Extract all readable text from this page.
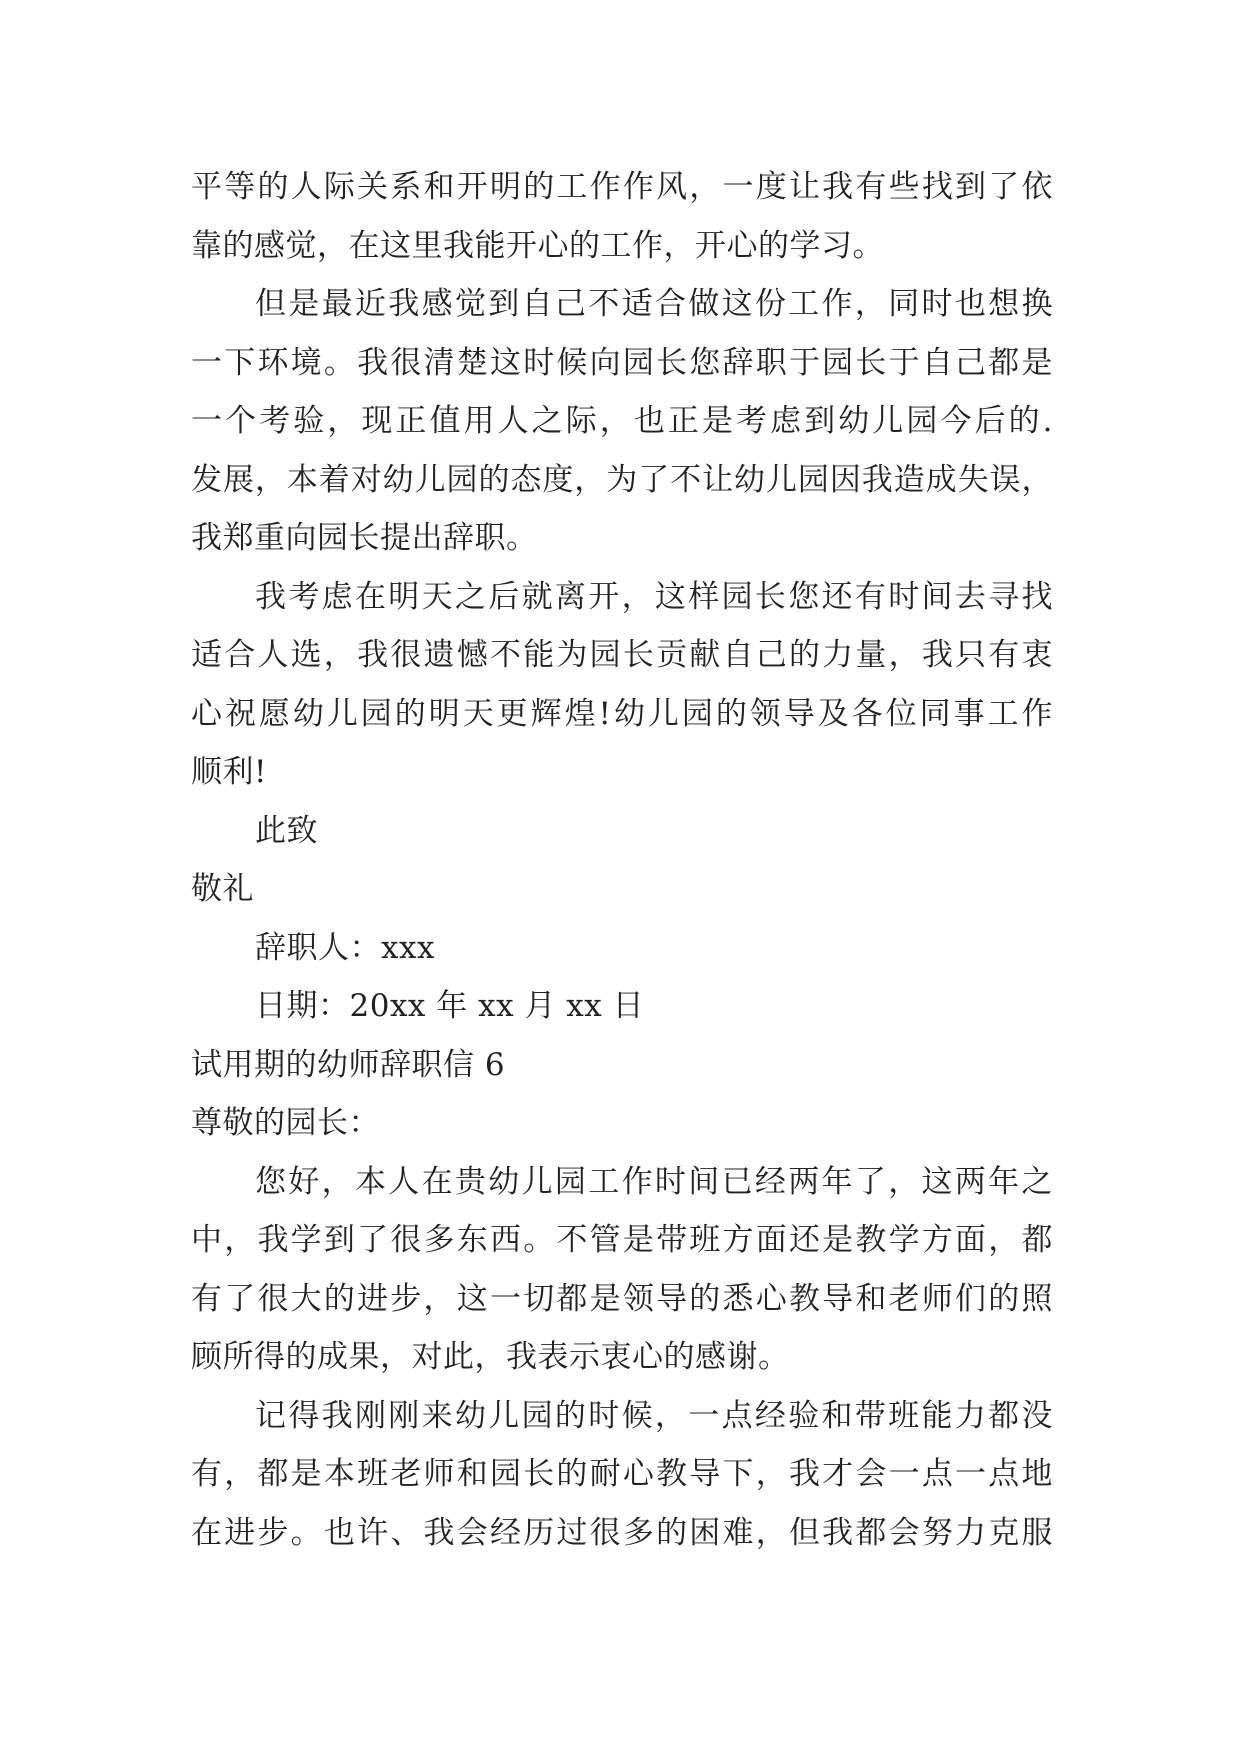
平等的人际关系和开明的工作作风，一度让我有些找到了依
靠的感觉，在这里我能开心的工作，开心的学习。
但是最近我感觉到自己不适合做这份工作，同时也想换
一下环境。我很清楚这时候向园长您辞职于园长于自己都是
一个考验，现正值用人之际，也正是考虑到幼儿园今后的.
发展，本着对幼儿园的态度，为了不让幼儿园因我造成失误，
我郑重向园长提出辞职。
我考虑在明天之后就离开，这样园长您还有时间去寻找
适合人选，我很遗憾不能为园长贡献自己的力量，我只有衷
心祝愿幼儿园的明天更辉煌!幼儿园的领导及各位同事工作
顺利!
此致
敬礼
辞职人：xxx
日期：20xx 年 xx 月 xx 日
试用期的幼师辞职信 6
尊敬的园长：
您好，本人在贵幼儿园工作时间已经两年了，这两年之
中，我学到了很多东西。不管是带班方面还是教学方面，都
有了很大的进步，这一切都是领导的悉心教导和老师们的照
顾所得的成果，对此，我表示衷心的感谢。
记得我刚刚来幼儿园的时候，一点经验和带班能力都没
有，都是本班老师和园长的耐心教导下，我才会一点一点地
在进步。也许、我会经历过很多的困难，但我都会努力克服
